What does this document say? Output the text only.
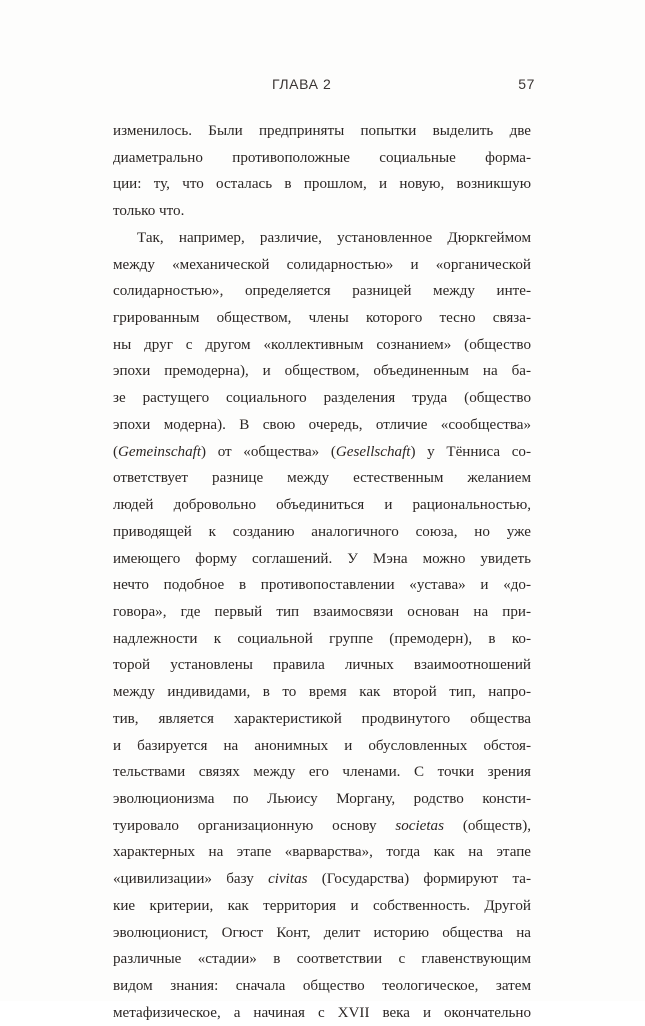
ГЛАВА 2	57
изменилось. Были предприняты попытки выделить две
диаметрально противоположные социальные форма-
ции: ту, что осталась в прошлом, и новую, возникшую
только что.
Так, например, различие, установленное Дюркгеймом
между «механической солидарностью» и «органической
солидарностью», определяется разницей между инте-
грированным обществом, члены которого тесно связа-
ны друг с другом «коллективным сознанием» (общество
эпохи премодерна), и обществом, объединенным на ба-
зе растущего социального разделения труда (общество
эпохи модерна). В свою очередь, отличие «сообщества»
(Gemeinschaft) от «общества» (Gesellschaft) у Тённиса со-
ответствует разнице между естественным желанием
людей добровольно объединиться и рациональностью,
приводящей к созданию аналогичного союза, но уже
имеющего форму соглашений. У Мэна можно увидеть
нечто подобное в противопоставлении «устава» и «до-
говора», где первый тип взаимосвязи основан на при-
надлежности к социальной группе (премодерн), в ко-
торой установлены правила личных взаимоотношений
между индивидами, в то время как второй тип, напро-
тив, является характеристикой продвинутого общества
и базируется на анонимных и обусловленных обстоя-
тельствами связях между его членами. С точки зрения
эволюционизма по Льюису Моргану, родство консти-
туировало организационную основу societas (обществ),
характерных на этапе «варварства», тогда как на этапе
«цивилизации» базу civitas (Государства) формируют та-
кие критерии, как территория и собственность. Другой
эволюционист, Огюст Конт, делит историю общества на
различные «стадии» в соответствии с главенствующим
видом знания: сначала общество теологическое, затем
метафизическое, а начиная с XVII века и окончательно
